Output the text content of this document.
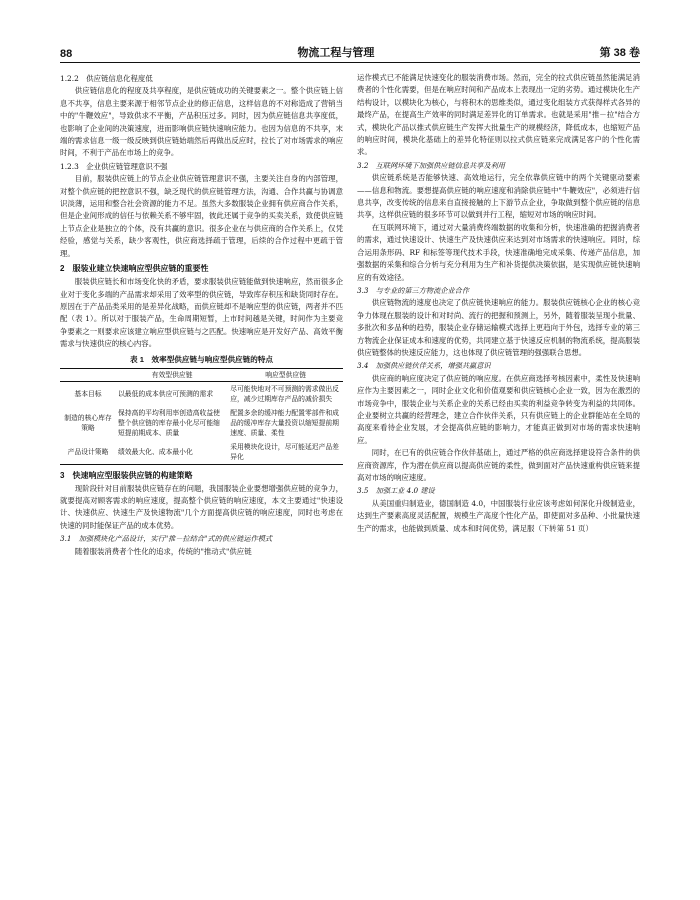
88	物流工程与管理	第 38 卷
1.2.2　供应链信息化程度低

供应链信息化的程度及共享程度，是供应链成功的关键要素之一。整个供应链上信息不共享，信息主要来源于相邻节点企业的修正信息，这样信息的不对称造成了营销当中的"牛鞭效应"，导致供求不平衡，产品积压过多。同时，因为供应链信息共享度低，也影响了企业间的决策速度，进而影响供应链快速响应能力。也因为信息的不共享，末端的需求信息一级一级反映到供应链始端然后再做出反应时，拉长了对市场需求的响应时间，不利于产品在市场上的竞争。

1.2.3　企业供应链管理意识不强

目前，服装供应链上的节点企业供应链管理意识不强，主要关注自身的内部管理，对整个供应链的把控意识不强，缺乏现代的供应链管理方法，沟通、合作共赢与协调意识淡薄，运用和整合社会资源的能力不足。虽然大多数服装企业拥有供应商合作关系，但是企业间形成的信任与依赖关系不够牢固，彼此还属于竞争的买卖关系，致使供应链上节点企业是独立的个体，没有共赢的意识。很多企业在与供应商的合作关系上，仅凭经验，感觉与关系，缺少客观性，供应商选择疏于管理，后续的合作过程中更疏于管理。

2　服装业建立快速响应型供应链的重要性

服装供应链长和市场变化快的矛盾，要求服装供应链能做到快速响应，然而很多企业对于变化多端的产品需求却采用了效率型的供应链，导致库存积压和缺货同时存在。原因在于产品品类采用的是差异化战略，而供应链却不是响应型的供应链，两者并不匹配（表 1）。所以对于服装产品，生命周期短暂，上市时间越是关键，时间作为主要竞争要素之一则要求应该建立响应型供应链与之匹配。快速响应是开发好产品、高效平衡需求与快速供应的核心内容。

表 1　效率型供应链与响应型供应链的特点
	有效型供应链	响应型供应链
基本目标	以最低的成本供应可预测的需求	尽可能快地对不可预测的需求做出反应，减少过期库存产品的减价损失
制造的核心库存策略	保持高的平均利用率创造高收益使整个供应链的库存最小化尽可能缩短提前期成本、质量	配置多余的缓冲能力配置零部件和成品的缓冲库存大量投资以缩短提前期速度、质量、柔性
产品设计策略	绩效最大化、成本最小化	采用模块化设计，尽可能延迟产品差异化
3　快速响应型服装供应链的构建策略

现阶段针对目前服装供应链存在的问题，我国服装企业要想增强供应链的竞争力，就要提高对顾客需求的响应速度，提高整个供应链的响应速度，本文主要通过"快速设计、快速供应、快速生产及快速物流"几个方面提高供应链的响应速度，同时也考虑在快速的同时能保证产品的成本优势。

3.1　加强模块化产品设计，实行"推－拉结合"式的供应链运作模式

随着服装消费者个性化的追求，传统的"推动式"供应链

运作模式已不能满足快速变化的服装消费市场。然而，完全的拉式供应链虽然能满足消费者的个性化需要，但是在响应时间和产品成本上表现出一定的劣势。通过模块化生产结构设计，以模块化为核心，与将积木的思维类似，通过变化组装方式获得样式各异的最终产品，在提高生产效率的同时满足差异化的订单需求。也就是采用"推－拉"结合方式，模块化产品以推式供应链生产发挥大批量生产的规模经济，降低成本，也缩短产品的响应时间，模块化基础上的差异化特征则以拉式供应链来完成满足客户的个性化需求。

3.2　互联网环境下加强供应链信息共享及利用

供应链系统是否能够快速、高效地运行，完全依靠供应链中的两个关键驱动要素——信息和物流。要想提高供应链的响应速度和消除供应链中"牛鞭效应"，必须进行信息共享，改变传统的信息来自直接接触的上下游节点企业，争取做到整个供应链的信息共享，这样供应链的很多环节可以做到并行工程，缩短对市场的响应时间。

在互联网环境下，通过对大量消费终端数据的收集和分析，快速准确的把握消费者的需求，通过快速设计、快速生产及快速供应来达到对市场需求的快速响应。同时，综合运用条形码、RF 和标签等现代技术手段，快速准确地完成采集、传递产品信息，加强数据的采集和综合分析与充分利用为生产和补货提供决策依据，是实现供应链快速响应的有效途径。

3.3　与专业的第三方物流企业合作

供应链物流的速度也决定了供应链快速响应的能力。服装供应链核心企业的核心竞争力体现在服装的设计和对时尚、流行的把握和预测上，另外，随着服装呈现小批量、多批次和多品种的趋势，服装企业存储运输模式选择上更趋向于外包，选择专业的第三方物流企业保证成本和速度的优势，共同建立基于快速反应机制的物流系统，提高服装供应链整体的快速反应能力，这也体现了供应链管理的强强联合思想。

3.4　加强供应链伙伴关系，增强共赢意识

供应商的响应度决定了供应链的响应度。在供应商选择考核因素中，柔性及快速响应作为主要因素之一，同时企业文化和价值观要和供应链核心企业一致，因为在激烈的市场竞争中，服装企业与关系企业的关系已经由买卖的利益竞争转变为利益的共同体。企业要树立共赢的经营理念，建立合作伙伴关系，只有供应链上的企业群能站在全局的高度来看待企业发展，才会提高供应链的影响力，才能真正做到对市场的需求快速响应。

同时，在已有的供应链合作伙伴基础上，通过严格的供应商选择建设符合条件的供应商资源库，作为潜在供应商以提高供应链的柔性，做到面对产品快速重构供应链来提高对市场的响应速度。

3.5　加强工业 4.0 建设

从美国重归制造业，德国制造 4.0，中国服装行业应该考虑如何深化升级制造业，达到生产要素高度灵活配置，规模生产高度个性化产品，即使面对多品种、小批量快速生产的需求，也能做到质量、成本和时间优势，满足服（下转第 51 页）
